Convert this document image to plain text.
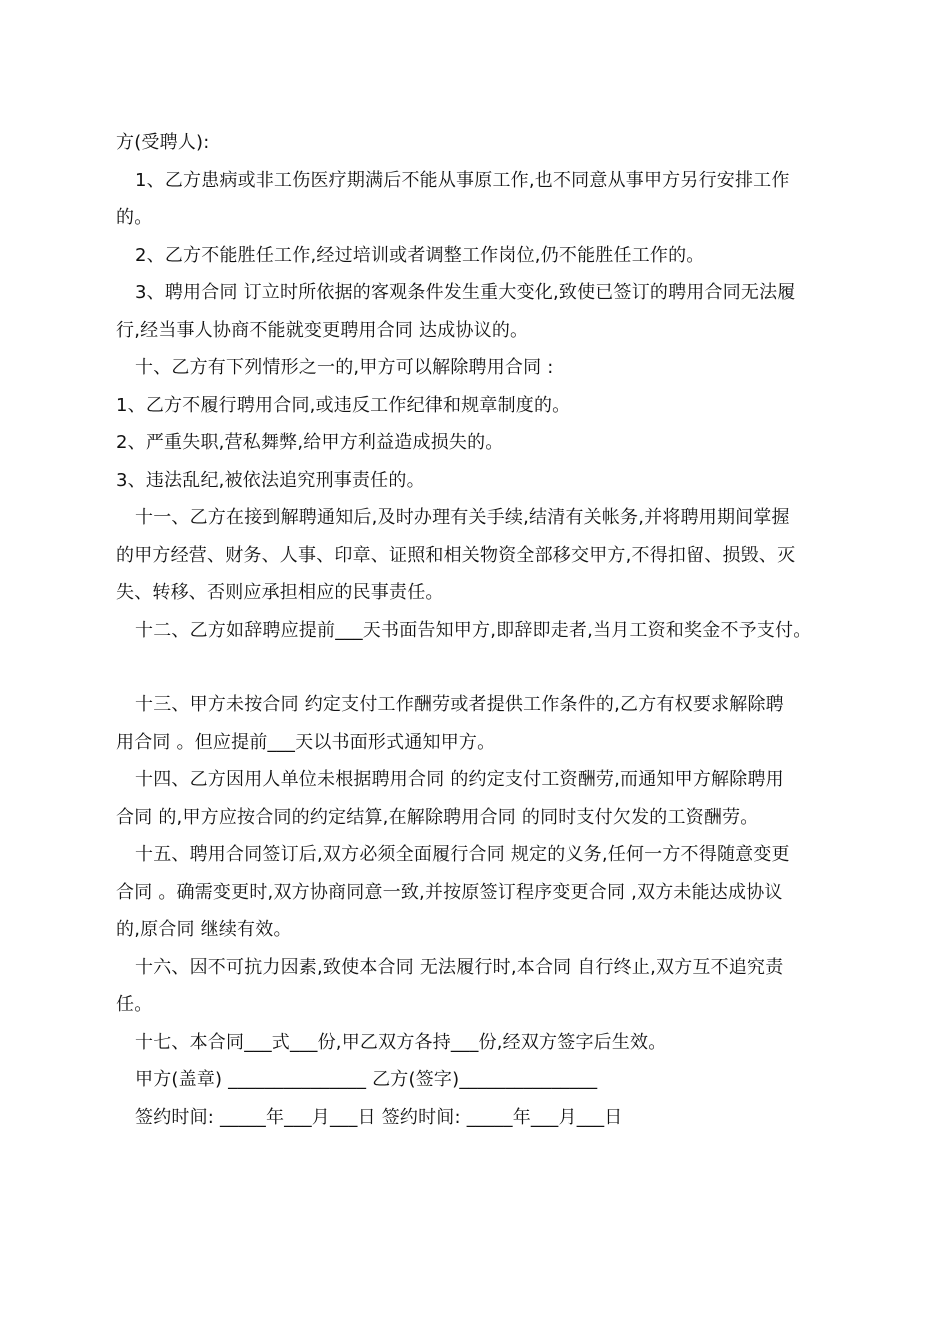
方(受聘人):

1、乙方患病或非工伤医疗期满后不能从事原工作,也不同意从事甲方另行安排工作

的。

2、乙方不能胜任工作,经过培训或者调整工作岗位,仍不能胜任工作的。

3、聘用合同 订立时所依据的客观条件发生重大变化,致使已签订的聘用合同无法履

行,经当事人协商不能就变更聘用合同 达成协议的。

十、乙方有下列情形之一的,甲方可以解除聘用合同 :

1、乙方不履行聘用合同,或违反工作纪律和规章制度的。

2、严重失职,营私舞弊,给甲方利益造成损失的。

3、违法乱纪,被依法追究刑事责任的。

十一、乙方在接到解聘通知后,及时办理有关手续,结清有关帐务,并将聘用期间掌握

的甲方经营、财务、人事、印章、证照和相关物资全部移交甲方,不得扣留、损毁、灭

失、转移、否则应承担相应的民事责任。

十二、乙方如辞聘应提前___天书面告知甲方,即辞即走者,当月工资和奖金不予支付。

十三、甲方未按合同 约定支付工作酬劳或者提供工作条件的,乙方有权要求解除聘

用合同 。但应提前___天以书面形式通知甲方。

十四、乙方因用人单位未根据聘用合同 的约定支付工资酬劳,而通知甲方解除聘用

合同 的,甲方应按合同的约定结算,在解除聘用合同 的同时支付欠发的工资酬劳。

十五、聘用合同签订后,双方必须全面履行合同 规定的义务,任何一方不得随意变更

合同 。确需变更时,双方协商同意一致,并按原签订程序变更合同 ,双方未能达成协议

的,原合同 继续有效。

十六、因不可抗力因素,致使本合同 无法履行时,本合同 自行终止,双方互不追究责

任。

十七、本合同___式___份,甲乙双方各持___份,经双方签字后生效。

甲方(盖章) _______________ 乙方(签字)_______________

签约时间: _____年___月___日 签约时间: _____年___月___日
